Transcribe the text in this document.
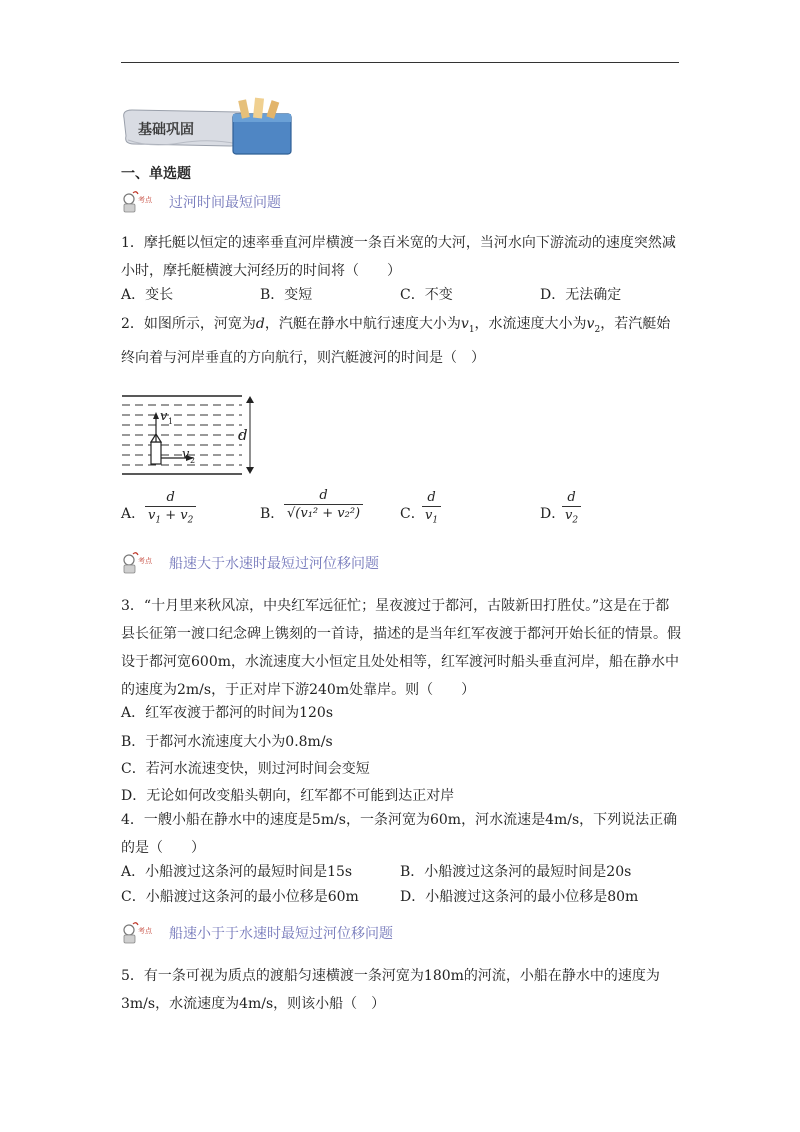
基础巩固
一、单选题
考点 过河时间最短问题

1．摩托艇以恒定的速率垂直河岸横渡一条百米宽的大河，当河水向下游流动的速度突然减小时，摩托艇横渡大河经历的时间将（　　）

A．变长	B．变短	C．不变	D．无法确定

2．如图所示，河宽为d，汽艇在静水中航行速度大小为$v_1$，水流速度大小为$v_2$，若汽艇始终向着与河岸垂直的方向航行，则汽艇渡河的时间是（　）

d
v 1
v 2
A． $\frac{d}{v_1 + v_2}$	B． $\frac{d}{\text{√(v₁² + v₂²)}}$	C．
$\frac{d}{v_1}$	D．
$\frac{d}{v_2}$
考点 船速大于水速时最短过河位移问题

3．“十月里来秋风凉，中央红军远征忙；星夜渡过于都河，古陂新田打胜仗。”这是在于都县长征第一渡口纪念碑上镌刻的一首诗，描述的是当年红军夜渡于都河开始长征的情景。假设于都河宽600m，水流速度大小恒定且处处相等，红军渡河时船头垂直河岸，船在静水中的速度为2m/s，于正对岸下游240m处靠岸。则（　　）

A．红军夜渡于都河的时间为120s
B．于都河水流速度大小为0.8m/s
C．若河水流速变快，则过河时间会变短
D．无论如何改变船头朝向，红军都不可能到达正对岸

4．一艘小船在静水中的速度是5m/s，一条河宽为60m，河水流速是4m/s，下列说法正确的是（　　）

A．小船渡过这条河的最短时间是15s	B．小船渡过这条河的最短时间是20s
C．小船渡过这条河的最小位移是60m	D．小船渡过这条河的最小位移是80m
考点 船速小于于水速时最短过河位移问题

5．有一条可视为质点的渡船匀速横渡一条河宽为180m的河流，小船在静水中的速度为3m/s，水流速度为4m/s，则该小船（　）
